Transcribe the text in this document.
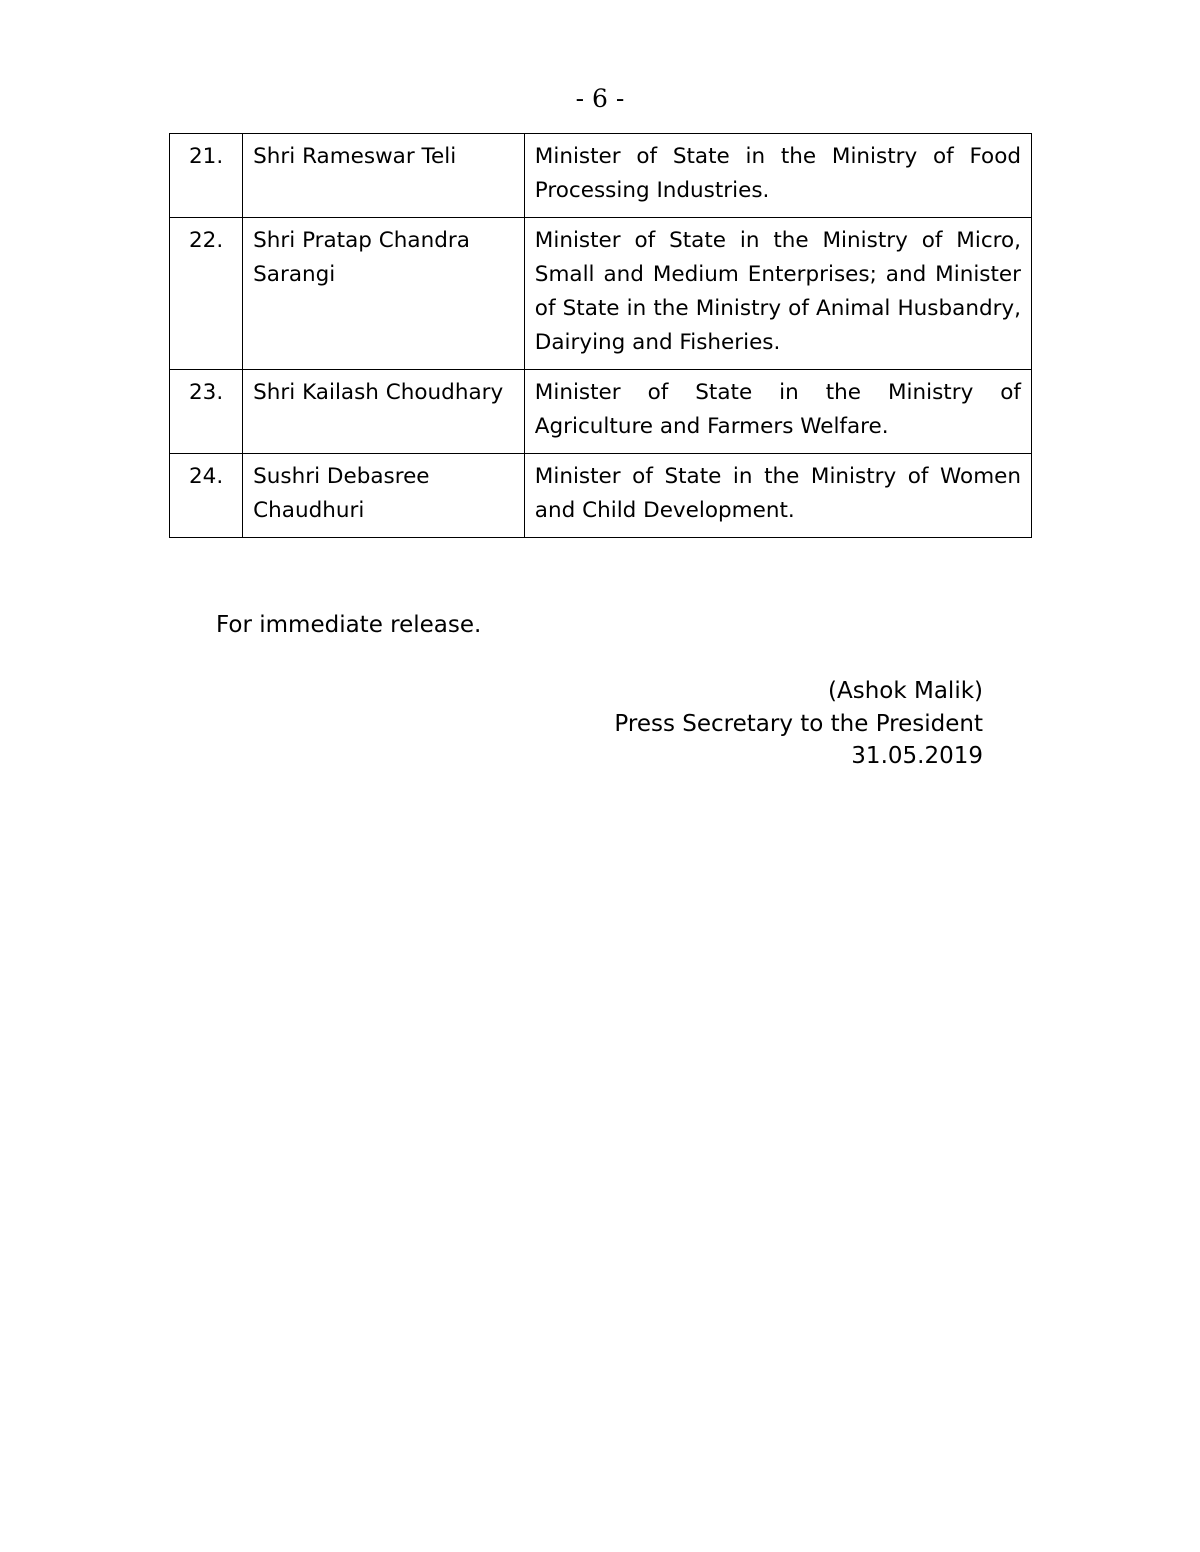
- 6 -
21.	Shri Rameswar Teli	Minister of State in the Ministry of Food Processing Industries.
22.	Shri Pratap Chandra Sarangi	Minister of State in the Ministry of Micro, Small and Medium Enterprises; and Minister of State in the Ministry of Animal Husbandry, Dairying and Fisheries.
23.	Shri Kailash Choudhary	Minister of State in the Ministry of Agriculture and Farmers Welfare.
24.	Sushri Debasree Chaudhuri	Minister of State in the Ministry of Women and Child Development.

For immediate release.

(Ashok Malik)
Press Secretary to the President
31.05.2019
